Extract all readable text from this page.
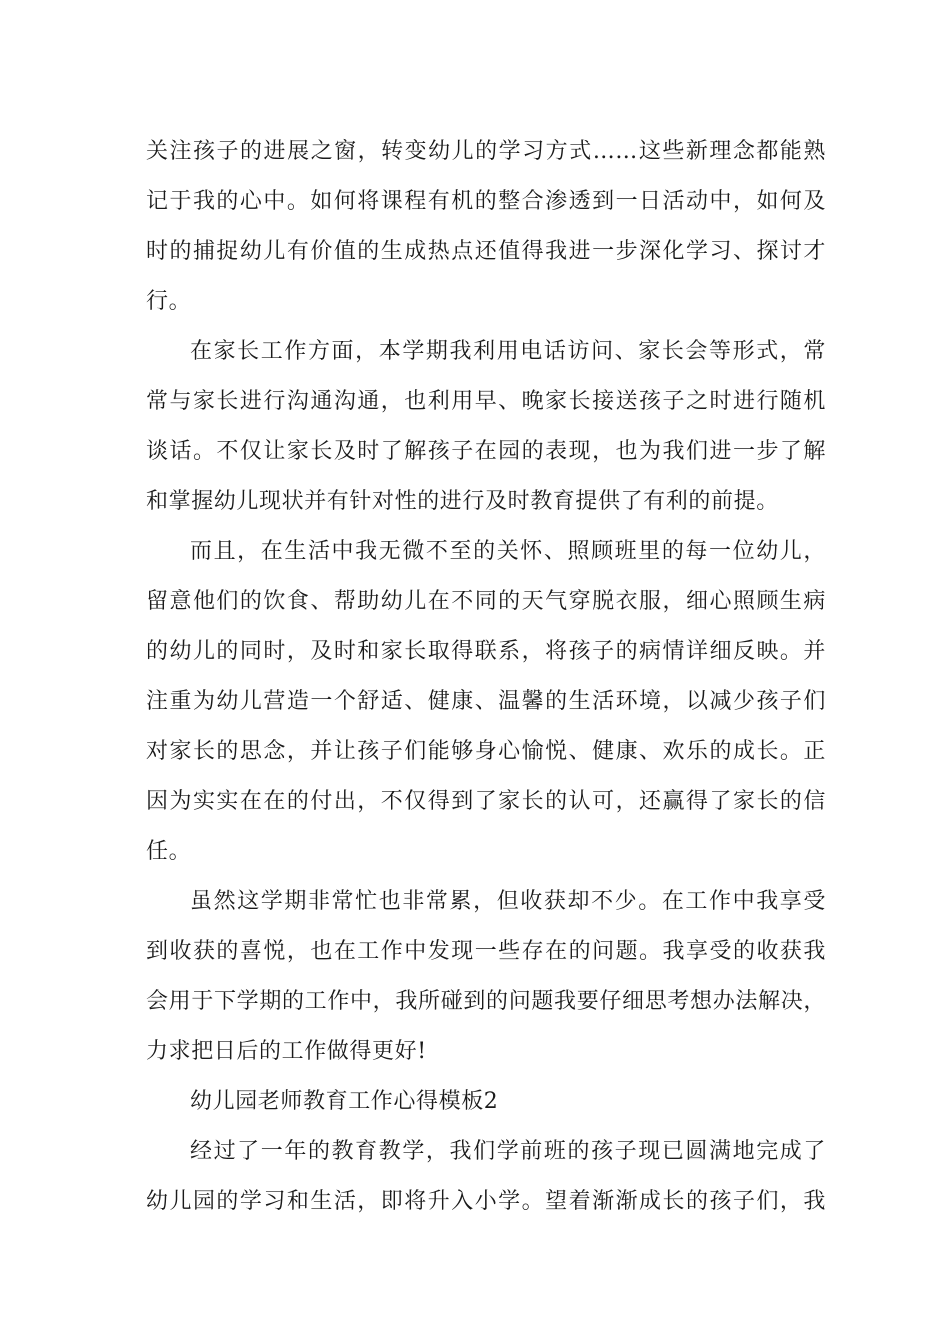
关注孩子的进展之窗，转变幼儿的学习方式……这些新理念都能熟
记于我的心中。如何将课程有机的整合渗透到一日活动中，如何及
时的捕捉幼儿有价值的生成热点还值得我进一步深化学习、探讨才
行。

在家长工作方面，本学期我利用电话访问、家长会等形式，常
常与家长进行沟通沟通，也利用早、晚家长接送孩子之时进行随机
谈话。不仅让家长及时了解孩子在园的表现，也为我们进一步了解
和掌握幼儿现状并有针对性的进行及时教育提供了有利的前提。

而且，在生活中我无微不至的关怀、照顾班里的每一位幼儿，
留意他们的饮食、帮助幼儿在不同的天气穿脱衣服，细心照顾生病
的幼儿的同时，及时和家长取得联系，将孩子的病情详细反映。并
注重为幼儿营造一个舒适、健康、温馨的生活环境，以减少孩子们
对家长的思念，并让孩子们能够身心愉悦、健康、欢乐的成长。正
因为实实在在的付出，不仅得到了家长的认可，还赢得了家长的信
任。

虽然这学期非常忙也非常累，但收获却不少。在工作中我享受
到收获的喜悦，也在工作中发现一些存在的问题。我享受的收获我
会用于下学期的工作中，我所碰到的问题我要仔细思考想办法解决，
力求把日后的工作做得更好!

幼儿园老师教育工作心得模板2

经过了一年的教育教学，我们学前班的孩子现已圆满地完成了
幼儿园的学习和生活，即将升入小学。望着渐渐成长的孩子们，我
